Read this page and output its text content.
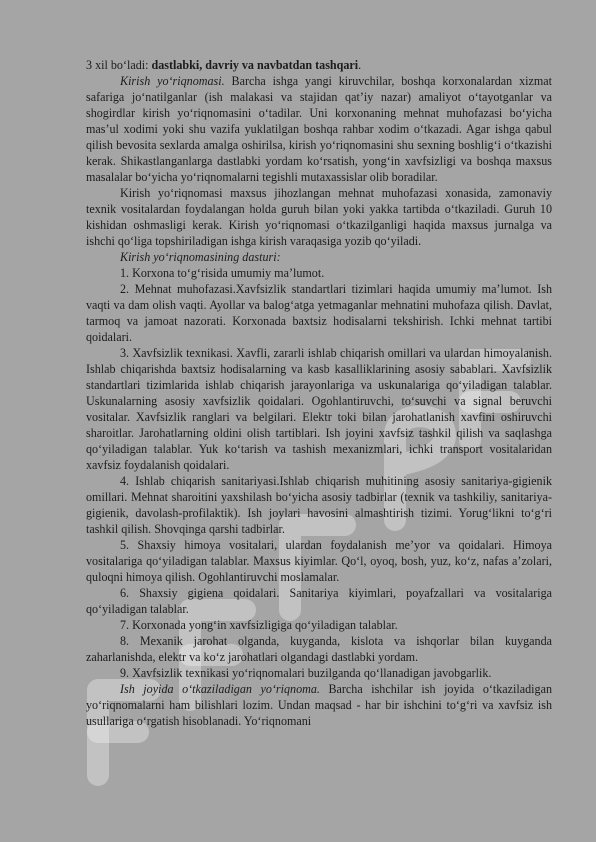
3 xil bo‘ladi: dastlabki, davriy va navbatdan tashqari.

Kirish yo‘riqnomasi. Barcha ishga yangi kiruvchilar, boshqa korxonalardan xizmat safariga jo‘natilganlar (ish malakasi va stajidan qat’iy nazar) amaliyot o‘tayotganlar va shogirdlar kirish yo‘riqnomasini o‘tadilar. Uni korxonaning mehnat muhofazasi bo‘yicha mas’ul xodimi yoki shu vazifa yuklatilgan boshqa rahbar xodim o‘tkazadi. Agar ishga qabul qilish bevosita sexlarda amalga oshirilsa, kirish yo‘riqnomasini shu sexning boshlig‘i o‘tkazishi kerak. Shikastlanganlarga dastlabki yordam ko‘rsatish, yong‘in xavfsizligi va boshqa maxsus masalalar bo‘yicha yo‘riqnomalarni tegishli mutaxassislar olib boradilar.

Kirish yo‘riqnomasi maxsus jihozlangan mehnat muhofazasi xonasida, zamonaviy texnik vositalardan foydalangan holda guruh bilan yoki yakka tartibda o‘tkaziladi. Guruh 10 kishidan oshmasligi kerak. Kirish yo‘riqnomasi o‘tkazilganligi haqida maxsus jurnalga va ishchi qo‘liga topshiriladigan ishga kirish varaqasiga yozib qo‘yiladi.

Kirish yo‘riqnomasining dasturi:

1. Korxona to‘g‘risida umumiy ma’lumot.

2. Mehnat muhofazasi.Xavfsizlik standartlari tizimlari haqida umumiy ma’lumot. Ish vaqti va dam olish vaqti. Ayollar va balog‘atga yetmaganlar mehnatini muhofaza qilish. Davlat, tarmoq va jamoat nazorati. Korxonada baxtsiz hodisalarni tekshirish. Ichki mehnat tartibi qoidalari.

3. Xavfsizlik texnikasi. Xavfli, zararli ishlab chiqarish omillari va ulardan himoyalanish. Ishlab chiqarishda baxtsiz hodisalarning va kasb kasalliklarining asosiy sabablari. Xavfsizlik standartlari tizimlarida ishlab chiqarish jarayonlariga va uskunalariga qo‘yiladigan talablar. Uskunalarning asosiy xavfsizlik qoidalari. Ogohlantiruvchi, to‘suvchi va signal beruvchi vositalar. Xavfsizlik ranglari va belgilari. Elektr toki bilan jarohatlanish xavfini oshiruvchi sharoitlar. Jarohatlarning oldini olish tartiblari. Ish joyini xavfsiz tashkil qilish va saqlashga qo‘yiladigan talablar. Yuk ko‘tarish va tashish mexanizmlari, ichki transport vositalaridan xavfsiz foydalanish qoidalari.

4. Ishlab chiqarish sanitariyasi.Ishlab chiqarish muhitining asosiy sanitariya-gigienik omillari. Mehnat sharoitini yaxshilash bo‘yicha asosiy tadbirlar (texnik va tashkiliy, sanitariya-gigienik, davolash-profilaktik). Ish joylari havosini almashtirish tizimi. Yorug‘likni to‘g‘ri tashkil qilish. Shovqinga qarshi tadbirlar.

5. Shaxsiy himoya vositalari, ulardan foydalanish me’yor va qoidalari. Himoya vositalariga qo‘yiladigan talablar. Maxsus kiyimlar. Qo‘l, oyoq, bosh, yuz, ko‘z, nafas a’zolari, quloqni himoya qilish. Ogohlantiruvchi moslamalar.

6. Shaxsiy gigiena qoidalari. Sanitariya kiyimlari, poyafzallari va vositalariga qo‘yiladigan talablar.

7. Korxonada yong‘in xavfsizligiga qo‘yiladigan talablar.

8. Mexanik jarohat olganda, kuyganda, kislota va ishqorlar bilan kuyganda zaharlanishda, elektr va ko‘z jarohatlari olgandagi dastlabki yordam.

9. Xavfsizlik texnikasi yo‘riqnomalari buzilganda qo‘llanadigan javobgarlik.

Ish joyida o‘tkaziladigan yo‘riqnoma. Barcha ishchilar ish joyida o‘tkaziladigan yo‘riqnomalarni ham bilishlari lozim. Undan maqsad - har bir ishchini to‘g‘ri va xavfsiz ish usullariga o‘rgatish hisoblanadi. Yo‘riqnomani
